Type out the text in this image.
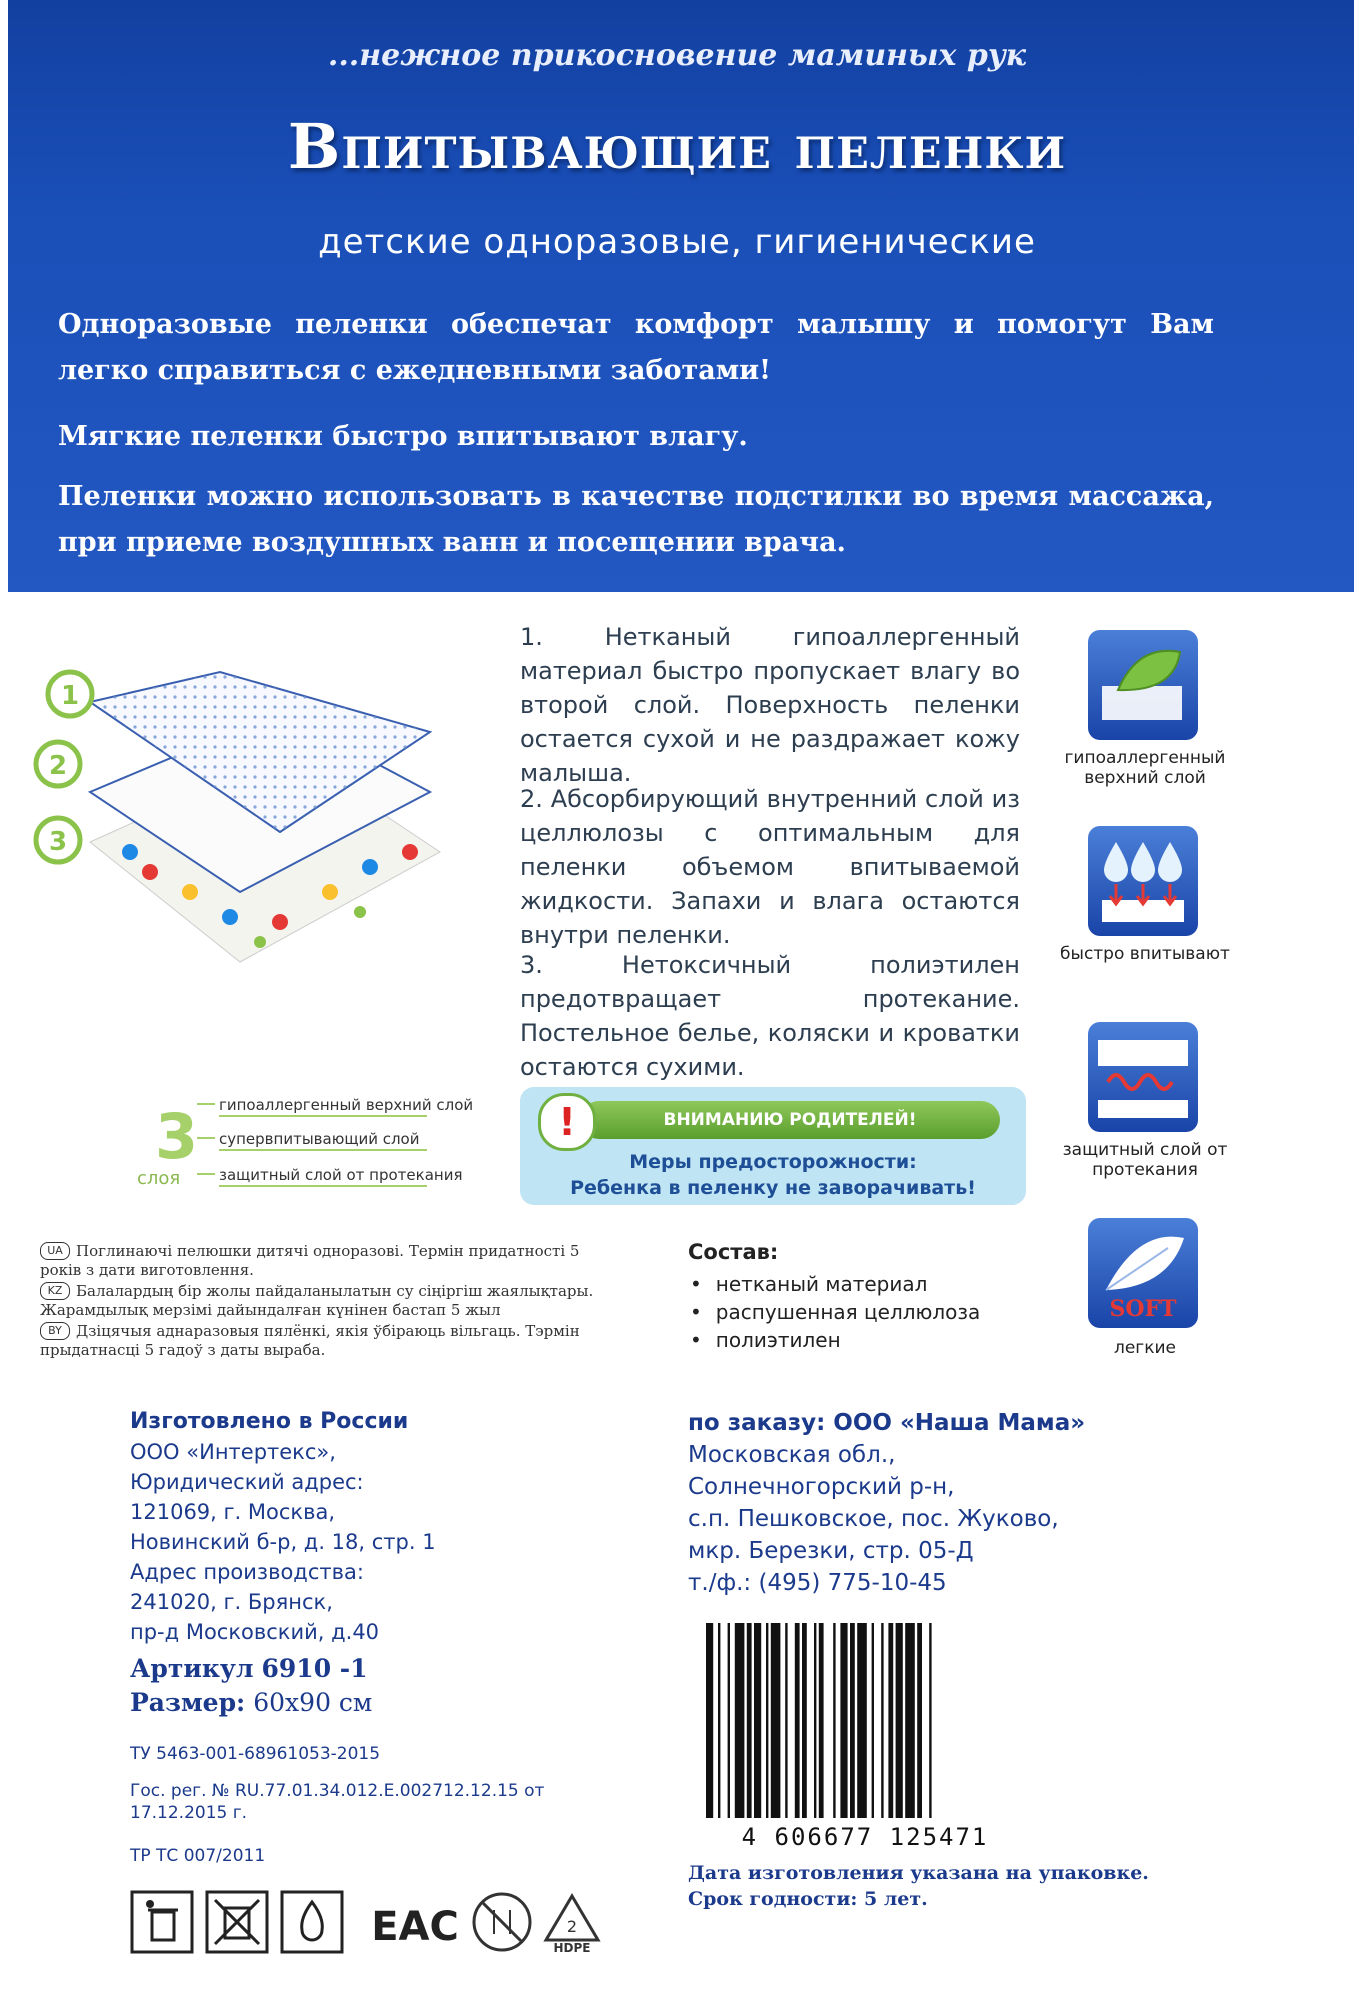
...нежное прикосновение маминых рук
Впитывающие пеленки
детские одноразовые, гигиенические
Одноразовые пеленки обеспечат комфорт малышу и помогут Вам легко справиться с ежедневными заботами!
Мягкие пеленки быстро впитывают влагу.
Пеленки можно использовать в качестве подстилки во время массажа, при приеме воздушных ванн и посещении врача.
1
2
3
1. Нетканый гипоаллергенный материал быстро пропускает влагу во второй слой. Поверхность пеленки остается сухой и не раздражает кожу малыша.
2. Абсорбирующий внутренний слой из целлюлозы с оптимальным для пеленки объемом впитываемой жидкости. Запахи и влага остаются внутри пеленки.
3. Нетоксичный полиэтилен предотвращает протекание. Постельное белье, коляски и кроватки остаются сухими.
гипоаллергенный верхний слой
быстро впитывают
защитный слой от протекания
SOFT
легкие
3
слоя
гипоаллергенный верхний слой
супервпитывающий слой
защитный слой от протекания
ВНИМАНИЮ РОДИТЕЛЕЙ!
!
Меры предосторожности:
Ребенка в пеленку не заворачивать!
UA Поглинаючі пелюшки дитячі одноразові. Термін придатності 5 років з дати виготовлення.
KZ Балалардың бір жолы пайдаланылатын су сіңіргіш жаялықтары. Жарамдылық мерзімі дайындалған күнінен бастап 5 жыл
BY Дзіцячыя аднаразовыя пялёнкі, якія ўбіраюць вільгаць. Тэрмін прыдатнасці 5 гадоў з даты выраба.
Состав:
• нетканый материал
• распушенная целлюлоза
• полиэтилен
Изготовлено в России
ООО «Интертекс»,
Юридический адрес:
121069, г. Москва,
Новинский б-р, д. 18, стр. 1
Адрес производства:
241020, г. Брянск,
пр-д Московский, д.40
Артикул 6910 -1
Размер: 60x90 см
ТУ 5463-001-68961053-2015
Гос. рег. № RU.77.01.34.012.Е.002712.12.15 от 17.12.2015 г.
ТР ТС 007/2011
по заказу: ООО «Наша Мама»
Московская обл.,
Солнечногорский р-н,
с.п. Пешковское, пос. Жуково,
мкр. Березки, стр. 05-Д
т./ф.: (495) 775-10-45
4 606677 125471
Дата изготовления указана на упаковке.
Срок годности: 5 лет.
EAC	2
HDPE
